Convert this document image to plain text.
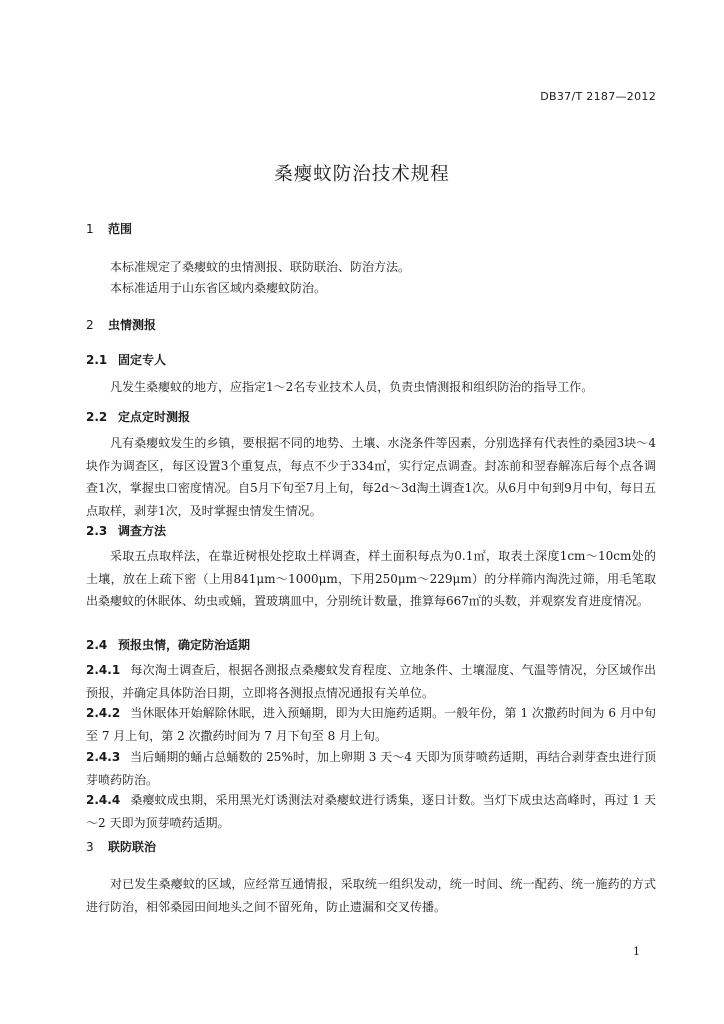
DB37/T 2187—2012
桑瘿蚊防治技术规程
1 范围
本标准规定了桑瘿蚊的虫情测报、联防联治、防治方法。
本标准适用于山东省区域内桑瘿蚊防治。
2 虫情测报
2.1 固定专人
凡发生桑瘿蚊的地方，应指定1～2名专业技术人员，负责虫情测报和组织防治的指导工作。
2.2 定点定时测报
凡有桑瘿蚊发生的乡镇，要根据不同的地势、土壤、水浇条件等因素，分别选择有代表性的桑园3块～4块作为调查区，每区设置3个重复点，每点不少于334㎡，实行定点调查。封冻前和翌春解冻后每个点各调查1次，掌握虫口密度情况。自5月下旬至7月上旬，每2d～3d淘土调查1次。从6月中旬到9月中旬，每日五点取样，剥芽1次，及时掌握虫情发生情况。
2.3 调查方法
采取五点取样法，在靠近树根处挖取土样调查，样土面积每点为0.1㎡，取表土深度1cm～10cm处的土壤，放在上疏下密（上用841μm～1000μm，下用250μm～229μm）的分样筛内淘洗过筛，用毛笔取出桑瘿蚊的休眠体、幼虫或蛹，置玻璃皿中，分别统计数量，推算每667㎡的头数，并观察发育进度情况。
2.4 预报虫情，确定防治适期
2.4.1 每次淘土调查后，根据各测报点桑瘿蚊发育程度、立地条件、土壤湿度、气温等情况，分区域作出预报，并确定具体防治日期，立即将各测报点情况通报有关单位。
2.4.2 当休眠体开始解除休眠，进入预蛹期，即为大田施药适期。一般年份，第 1 次撒药时间为 6 月中旬至 7 月上旬，第 2 次撒药时间为 7 月下旬至 8 月上旬。
2.4.3 当后蛹期的蛹占总蛹数的 25%时，加上卵期 3 天～4 天即为顶芽喷药适期，再结合剥芽查虫进行顶芽喷药防治。
2.4.4 桑瘿蚊成虫期，采用黑光灯诱测法对桑瘿蚊进行诱集，逐日计数。当灯下成虫达高峰时，再过 1 天～2 天即为顶芽喷药适期。
3 联防联治
对已发生桑瘿蚊的区域，应经常互通情报，采取统一组织发动，统一时间、统一配药、统一施药的方式进行防治，相邻桑园田间地头之间不留死角，防止遗漏和交叉传播。
1
